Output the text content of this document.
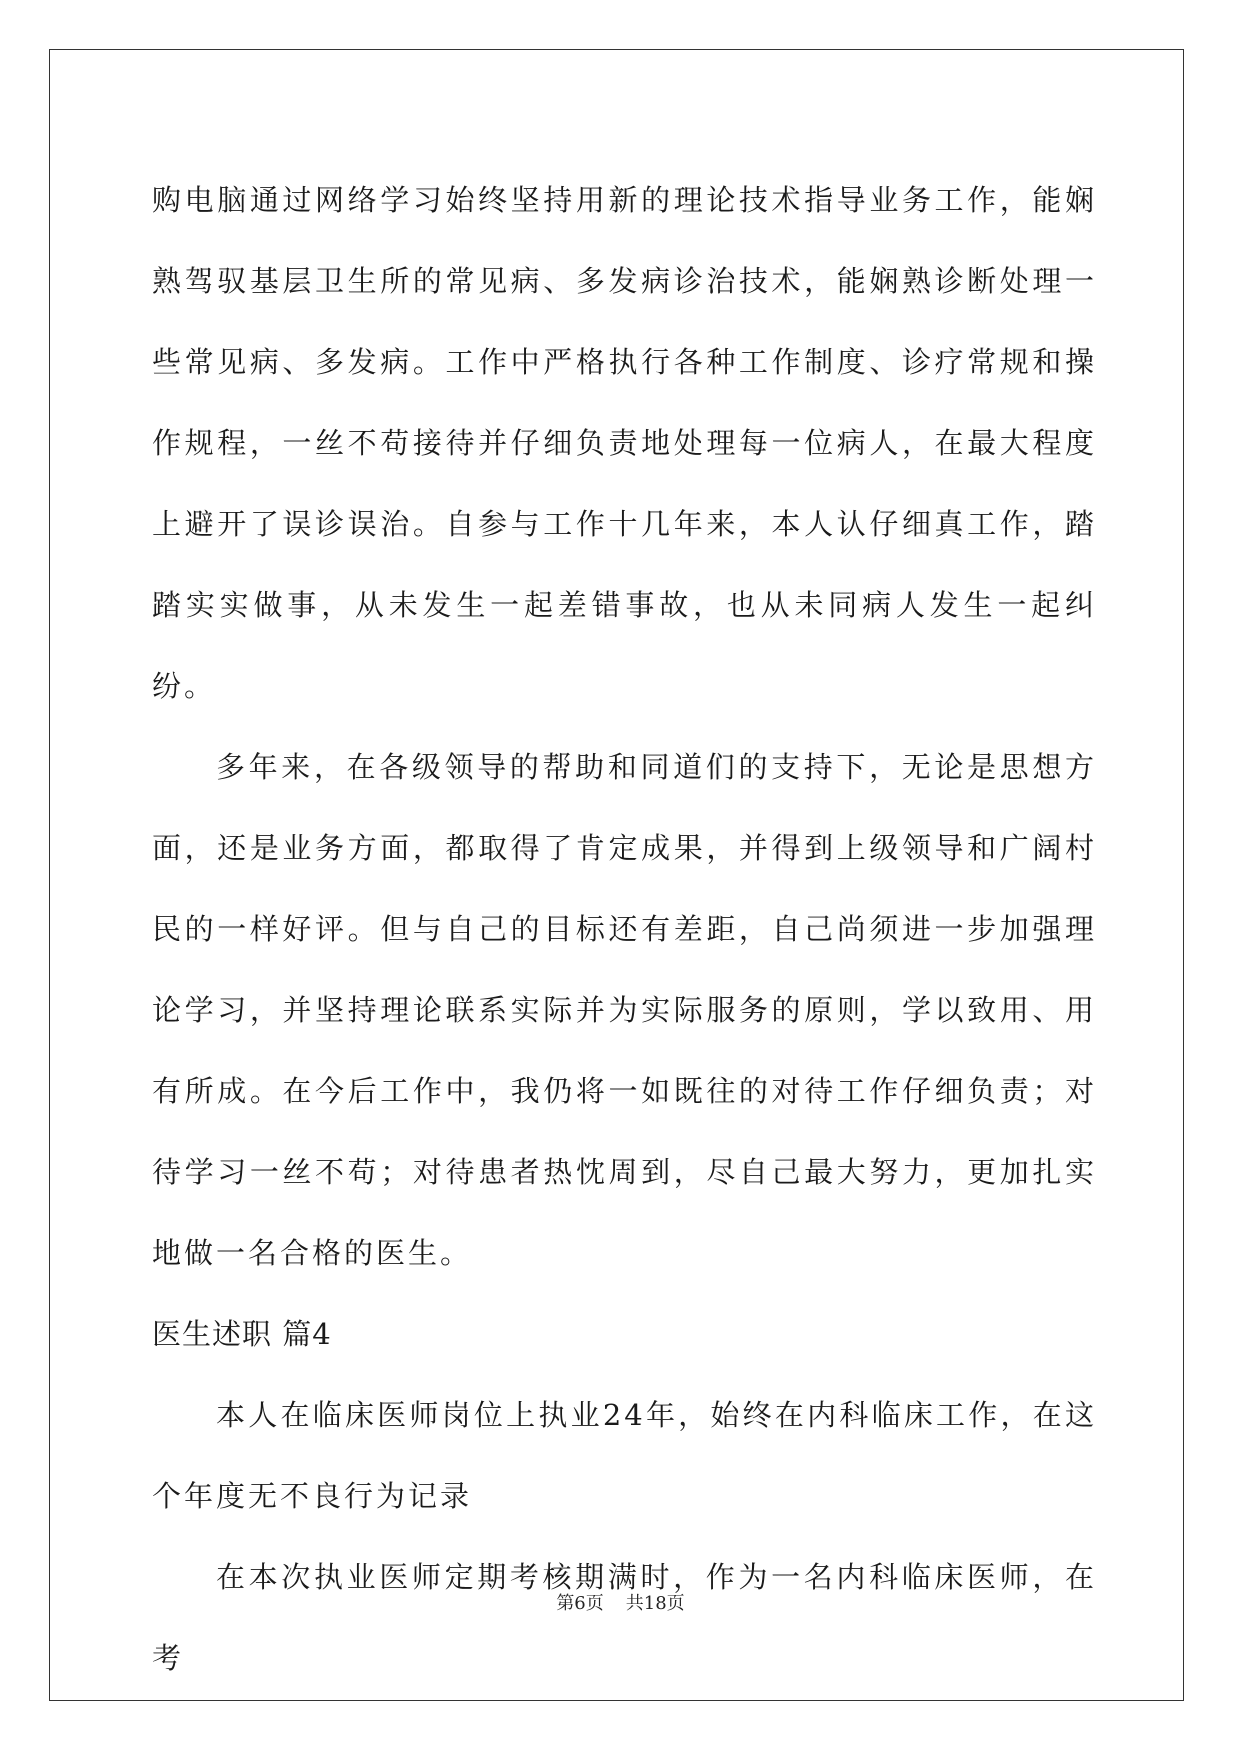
购电脑通过网络学习始终坚持用新的理论技术指导业务工作，能娴熟驾驭基层卫生所的常见病、多发病诊治技术，能娴熟诊断处理一些常见病、多发病。工作中严格执行各种工作制度、诊疗常规和操作规程，一丝不苟接待并仔细负责地处理每一位病人，在最大程度上避开了误诊误治。自参与工作十几年来，本人认仔细真工作，踏踏实实做事，从未发生一起差错事故，也从未同病人发生一起纠纷。

多年来，在各级领导的帮助和同道们的支持下，无论是思想方面，还是业务方面，都取得了肯定成果，并得到上级领导和广阔村民的一样好评。但与自己的目标还有差距，自己尚须进一步加强理论学习，并坚持理论联系实际并为实际服务的原则，学以致用、用有所成。在今后工作中，我仍将一如既往的对待工作仔细负责；对待学习一丝不苟；对待患者热忱周到，尽自己最大努力，更加扎实地做一名合格的医生。

医生述职 篇4

本人在临床医师岗位上执业24年，始终在内科临床工作，在这个年度无不良行为记录

在本次执业医师定期考核期满时，作为一名内科临床医师，在考

第6页 共18页
